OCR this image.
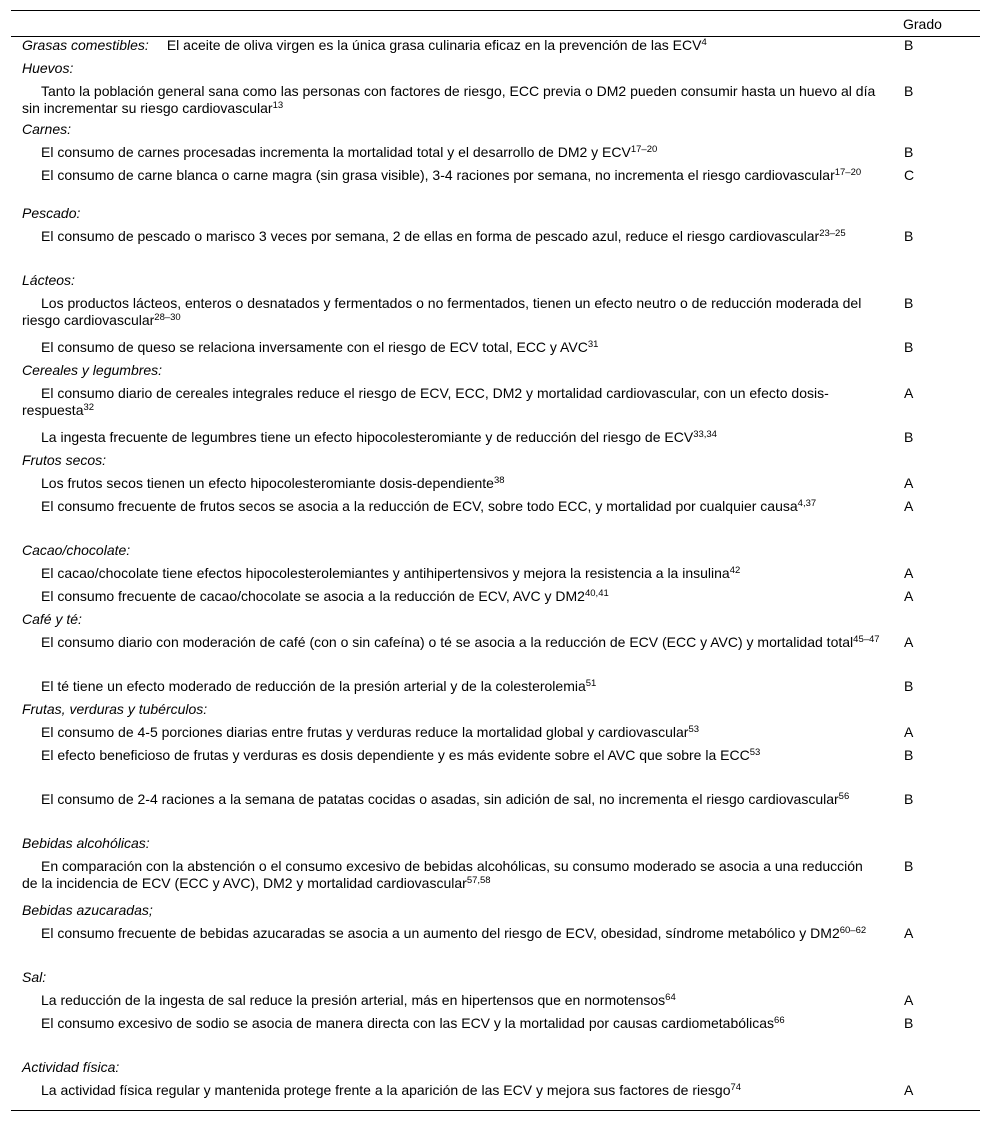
Grado
Grasas comestibles: El aceite de oliva virgen es la única grasa culinaria eficaz en la prevención de las ECV$^4$	B
Huevos:
Tanto la población general sana como las personas con factores de riesgo, ECC previa o DM2 pueden consumir hasta un huevo al día sin incrementar su riesgo cardiovascular$^{13}$
B
Carnes:
El consumo de carnes procesadas incrementa la mortalidad total y el desarrollo de DM2 y ECV$^{17-20}$	B
El consumo de carne blanca o carne magra (sin grasa visible), 3-4 raciones por semana, no incrementa el riesgo cardiovascular$^{17-20}$	C
Pescado:
El consumo de pescado o marisco 3 veces por semana, 2 de ellas en forma de pescado azul, reduce el riesgo cardiovascular$^{23-25}$	B
Lácteos:
Los productos lácteos, enteros o desnatados y fermentados o no fermentados, tienen un efecto neutro o de reducción moderada del riesgo cardiovascular$^{28-30}$
B
El consumo de queso se relaciona inversamente con el riesgo de ECV total, ECC y AVC$^{31}$	B
Cereales y legumbres:
El consumo diario de cereales integrales reduce el riesgo de ECV, ECC, DM2 y mortalidad cardiovascular, con un efecto dosis-respuesta$^{32}$
A
La ingesta frecuente de legumbres tiene un efecto hipocolesteromiante y de reducción del riesgo de ECV$^{33,34}$	B
Frutos secos:
Los frutos secos tienen un efecto hipocolesteromiante dosis-dependiente$^{38}$	A
El consumo frecuente de frutos secos se asocia a la reducción de ECV, sobre todo ECC, y mortalidad por cualquier causa$^{4,37}$	A
Cacao/chocolate:
El cacao/chocolate tiene efectos hipocolesterolemiantes y antihipertensivos y mejora la resistencia a la insulina$^{42}$	A
El consumo frecuente de cacao/chocolate se asocia a la reducción de ECV, AVC y DM2$^{40,41}$	A
Café y té:
El consumo diario con moderación de café (con o sin cafeína) o té se asocia a la reducción de ECV (ECC y AVC) y mortalidad total$^{45-47}$ A
El té tiene un efecto moderado de reducción de la presión arterial y de la colesterolemia$^{51}$	B
Frutas, verduras y tubérculos:
El consumo de 4-5 porciones diarias entre frutas y verduras reduce la mortalidad global y cardiovascular$^{53}$	A
El efecto beneficioso de frutas y verduras es dosis dependiente y es más evidente sobre el AVC que sobre la ECC$^{53}$	B
El consumo de 2-4 raciones a la semana de patatas cocidas o asadas, sin adición de sal, no incrementa el riesgo cardiovascular$^{56}$	B
Bebidas alcohólicas:
En comparación con la abstención o el consumo excesivo de bebidas alcohólicas, su consumo moderado se asocia a una reducción de la incidencia de ECV (ECC y AVC), DM2 y mortalidad cardiovascular$^{57,58}$
B
Bebidas azucaradas;
El consumo frecuente de bebidas azucaradas se asocia a un aumento del riesgo de ECV, obesidad, síndrome metabólico y DM2$^{60-62}$	A
Sal:
La reducción de la ingesta de sal reduce la presión arterial, más en hipertensos que en normotensos$^{64}$	A
El consumo excesivo de sodio se asocia de manera directa con las ECV y la mortalidad por causas cardiometabólicas$^{66}$	B
Actividad física:
La actividad física regular y mantenida protege frente a la aparición de las ECV y mejora sus factores de riesgo$^{74}$	A
